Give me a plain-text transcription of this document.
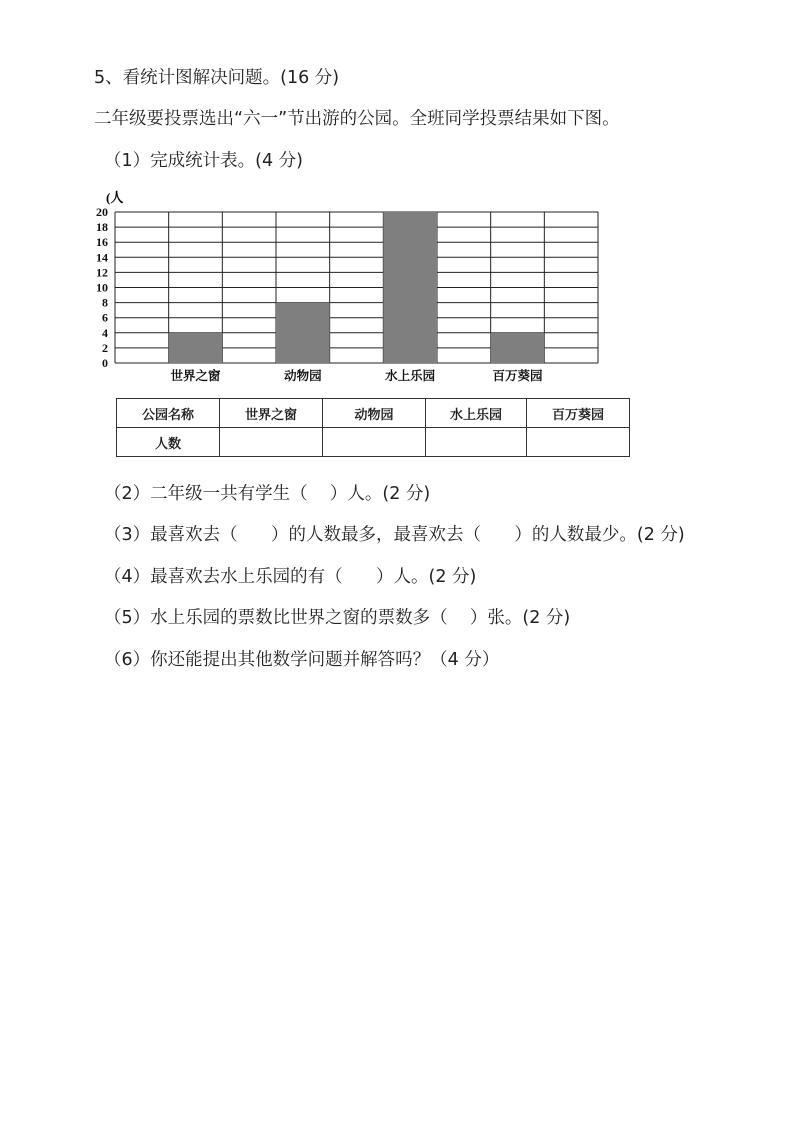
5、看统计图解决问题。(16 分)
二年级要投票选出“六一”节出游的公园。全班同学投票结果如下图。
（1）完成统计表。(4 分)
0
2
4
6
8
10
12
14
16
18
20
世界之窗	动物园	水上乐园	百万葵园
(人
公园名称	世界之窗	动物园	水上乐园	百万葵园
人数				
（2）二年级一共有学生（    ）人。(2 分)
（3）最喜欢去（      ）的人数最多，最喜欢去（      ）的人数最少。(2 分)
（4）最喜欢去水上乐园的有（      ）人。(2 分)
（5）水上乐园的票数比世界之窗的票数多（    ）张。(2 分)
（6）你还能提出其他数学问题并解答吗？（4 分）
